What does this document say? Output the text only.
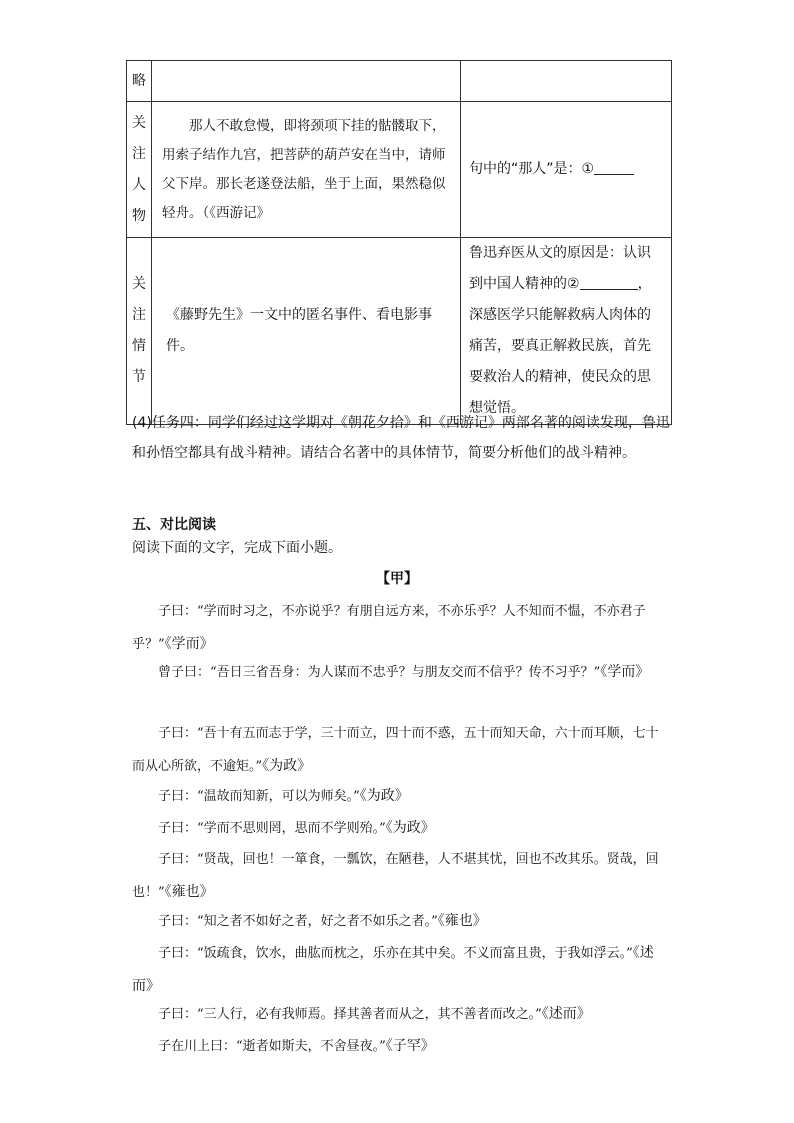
略		

关
注
人
物	那人不敢怠慢，即将颈项下挂的骷髅取下，用索子结作九宫，把菩萨的葫芦安在当中，请师父下岸。那长老遂登法船，坐于上面，果然稳似轻舟。（《西游记》	句中的“那人”是：①

关
注
情
节	《藤野先生》一文中的匿名事件、看电影事件。	鲁迅弃医从文的原因是：认识到中国人精神的② ，深感医学只能解救病人肉体的痛苦，要真正解救民族，首先要救治人的精神，使民众的思想觉悟。

(4)任务四：同学们经过这学期对《朝花夕拾》和《西游记》两部名著的阅读发现，鲁迅和孙悟空都具有战斗精神。请结合名著中的具体情节，简要分析他们的战斗精神。

五、对比阅读

阅读下面的文字，完成下面小题。

【甲】

子曰：“学而时习之，不亦说乎？有朋自远方来，不亦乐乎？人不知而不愠，不亦君子乎？”《学而》

曾子曰：“吾日三省吾身：为人谋而不忠乎？与朋友交而不信乎？传不习乎？”《学而》

子曰：“吾十有五而志于学，三十而立，四十而不惑，五十而知天命，六十而耳顺，七十而从心所欲，不逾矩。”《为政》

子曰：“温故而知新，可以为师矣。”《为政》

子曰：“学而不思则罔，思而不学则殆。”《为政》

子曰：“贤哉，回也！一箪食，一瓢饮，在陋巷，人不堪其忧，回也不改其乐。贤哉，回也！”《雍也》

子曰：“知之者不如好之者，好之者不如乐之者。”《雍也》

子曰：“饭疏食，饮水，曲肱而枕之，乐亦在其中矣。不义而富且贵，于我如浮云。”《述而》

子曰：“三人行，必有我师焉。择其善者而从之，其不善者而改之。”《述而》

子在川上曰：“逝者如斯夫，不舍昼夜。”《子罕》
